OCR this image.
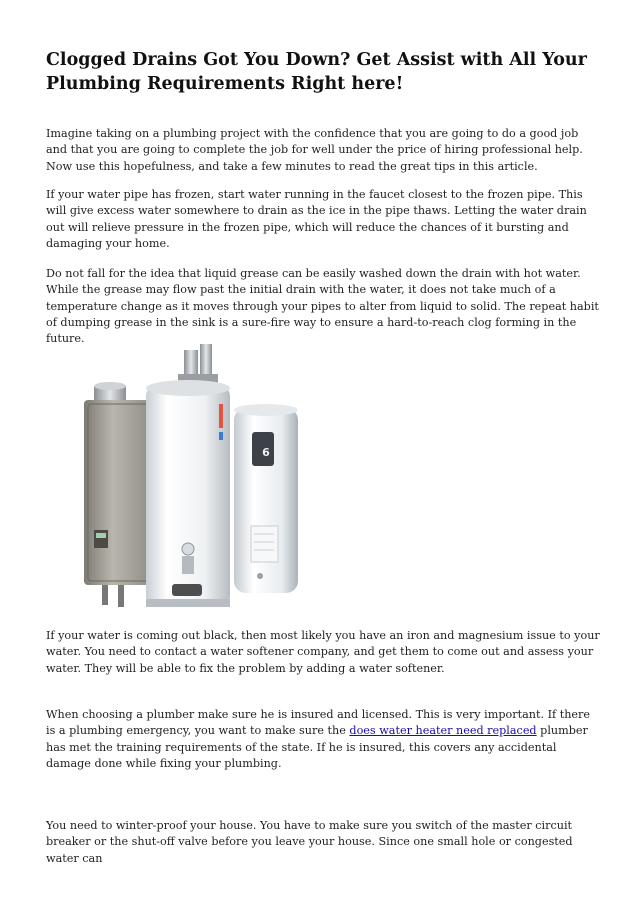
Clogged Drains Got You Down? Get Assist with All Your Plumbing Requirements Right here!

Imagine taking on a plumbing project with the confidence that you are going to do a good job and that you are going to complete the job for well under the price of hiring professional help. Now use this hopefulness, and take a few minutes to read the great tips in this article.

If your water pipe has frozen, start water running in the faucet closest to the frozen pipe. This will give excess water somewhere to drain as the ice in the pipe thaws. Letting the water drain out will relieve pressure in the frozen pipe, which will reduce the chances of it bursting and damaging your home.

Do not fall for the idea that liquid grease can be easily washed down the drain with hot water. While the grease may flow past the initial drain with the water, it does not take much of a temperature change as it moves through your pipes to alter from liquid to solid. The repeat habit of dumping grease in the sink is a sure-fire way to ensure a hard-to-reach clog forming in the future.

6

If your water is coming out black, then most likely you have an iron and magnesium issue to your water. You need to contact a water softener company, and get them to come out and assess your water. They will be able to fix the problem by adding a water softener.

When choosing a plumber make sure he is insured and licensed. This is very important. If there is a plumbing emergency, you want to make sure the does water heater need replaced plumber has met the training requirements of the state. If he is insured, this covers any accidental damage done while fixing your plumbing.

You need to winter-proof your house. You have to make sure you switch of the master circuit breaker or the shut-off valve before you leave your house. Since one small hole or congested water can
